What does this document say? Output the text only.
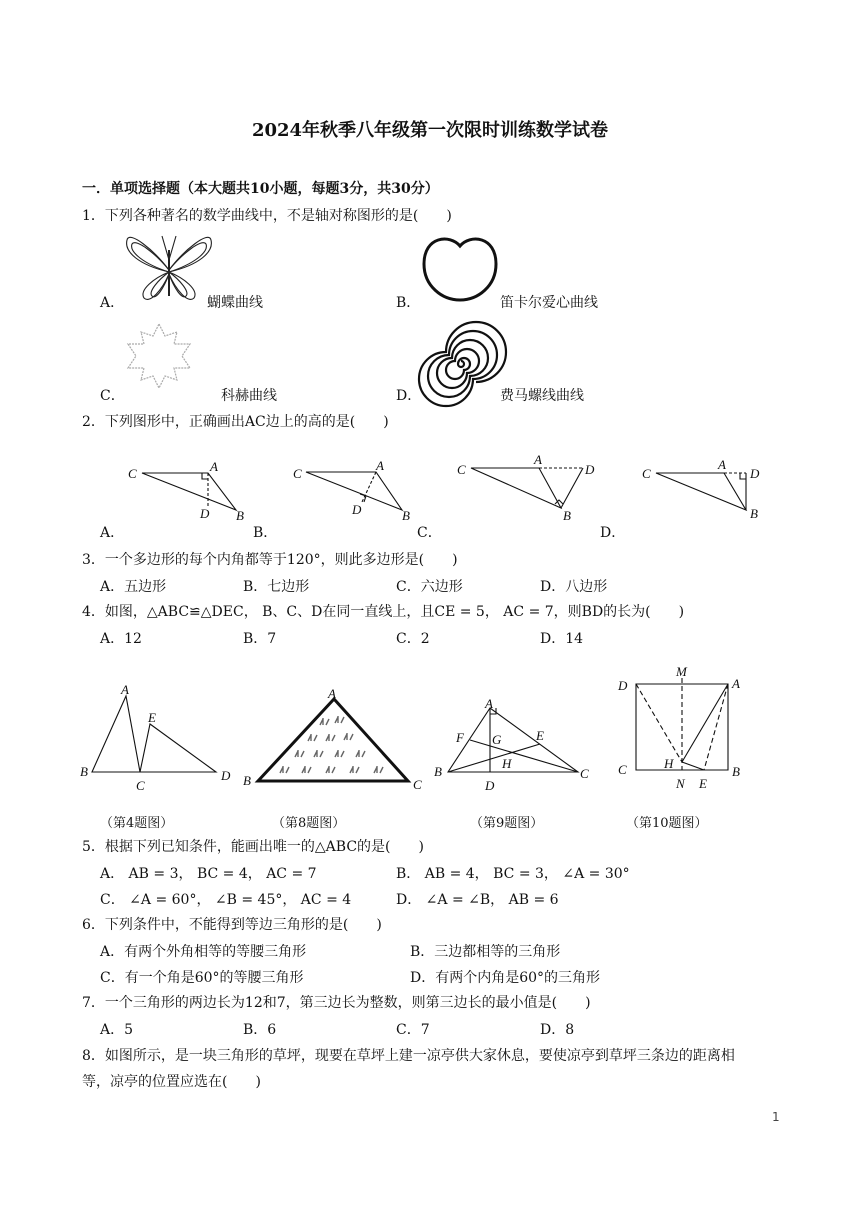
2024年秋季八年级第一次限时训练数学试卷
一．单项选择题（本大题共10小题，每题3分，共30分）
1．下列各种著名的数学曲线中，不是轴对称图形的是(　　)
A．	蝴蝶曲线	B．	笛卡尔爱心曲线
C．	科赫曲线	D．	费马螺线曲线
2．下列图形中，正确画出AC边上的高的是(　　)
C	A
D B
A．
C
A
D	B
B．
C
A
D
B
C．
C
A
D
B
D．
3．一个多边形的每个内角都等于120°，则此多边形是(　　)
A．五边形	B．七边形	C．六边形	D．八边形
4．如图，△ABC≌△DEC， B、C、D在同一直线上，且CE = 5， AC = 7，则BD的长为(　　)
A．12	B．7	C．2	D．14
A
E
B
C
D
A
B	C
A
F G	E
H
B
D
C
M
D	A
C	H
B
N E
（第4题图）	（第8题图）	（第9题图）	（第10题图）
5．根据下列已知条件，能画出唯一的△ABC的是(　　)
A． AB = 3， BC = 4， AC = 7	B． AB = 4， BC = 3， ∠A = 30°
C． ∠A = 60°， ∠B = 45°， AC = 4	D． ∠A = ∠B， AB = 6
6．下列条件中，不能得到等边三角形的是(　　)
A．有两个外角相等的等腰三角形	B．三边都相等的三角形
C．有一个角是60°的等腰三角形	D．有两个内角是60°的三角形
7．一个三角形的两边长为12和7，第三边长为整数，则第三边长的最小值是(　　)
A．5	B．6	C．7	D．8
8．如图所示，是一块三角形的草坪，现要在草坪上建一凉亭供大家休息，要使凉亭到草坪三条边的距离相
等，凉亭的位置应选在(　　)
1
